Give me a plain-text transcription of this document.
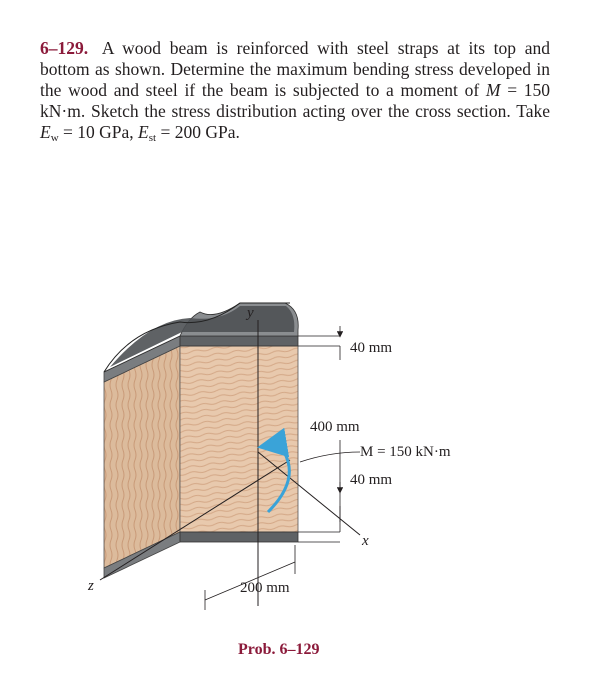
6–129. A wood beam is reinforced with steel straps at its top and bottom as shown. Determine the maximum bending stress developed in the wood and steel if the beam is subjected to a moment of M = 150 kN·m. Sketch the stress distribution acting over the cross section. Take $E_w = 10$ GPa, $E_{st} = 200$ GPa.
y
40 mm
400 mm
M = 150 kN·m
40 mm
x
z	200 mm
Prob. 6–129
